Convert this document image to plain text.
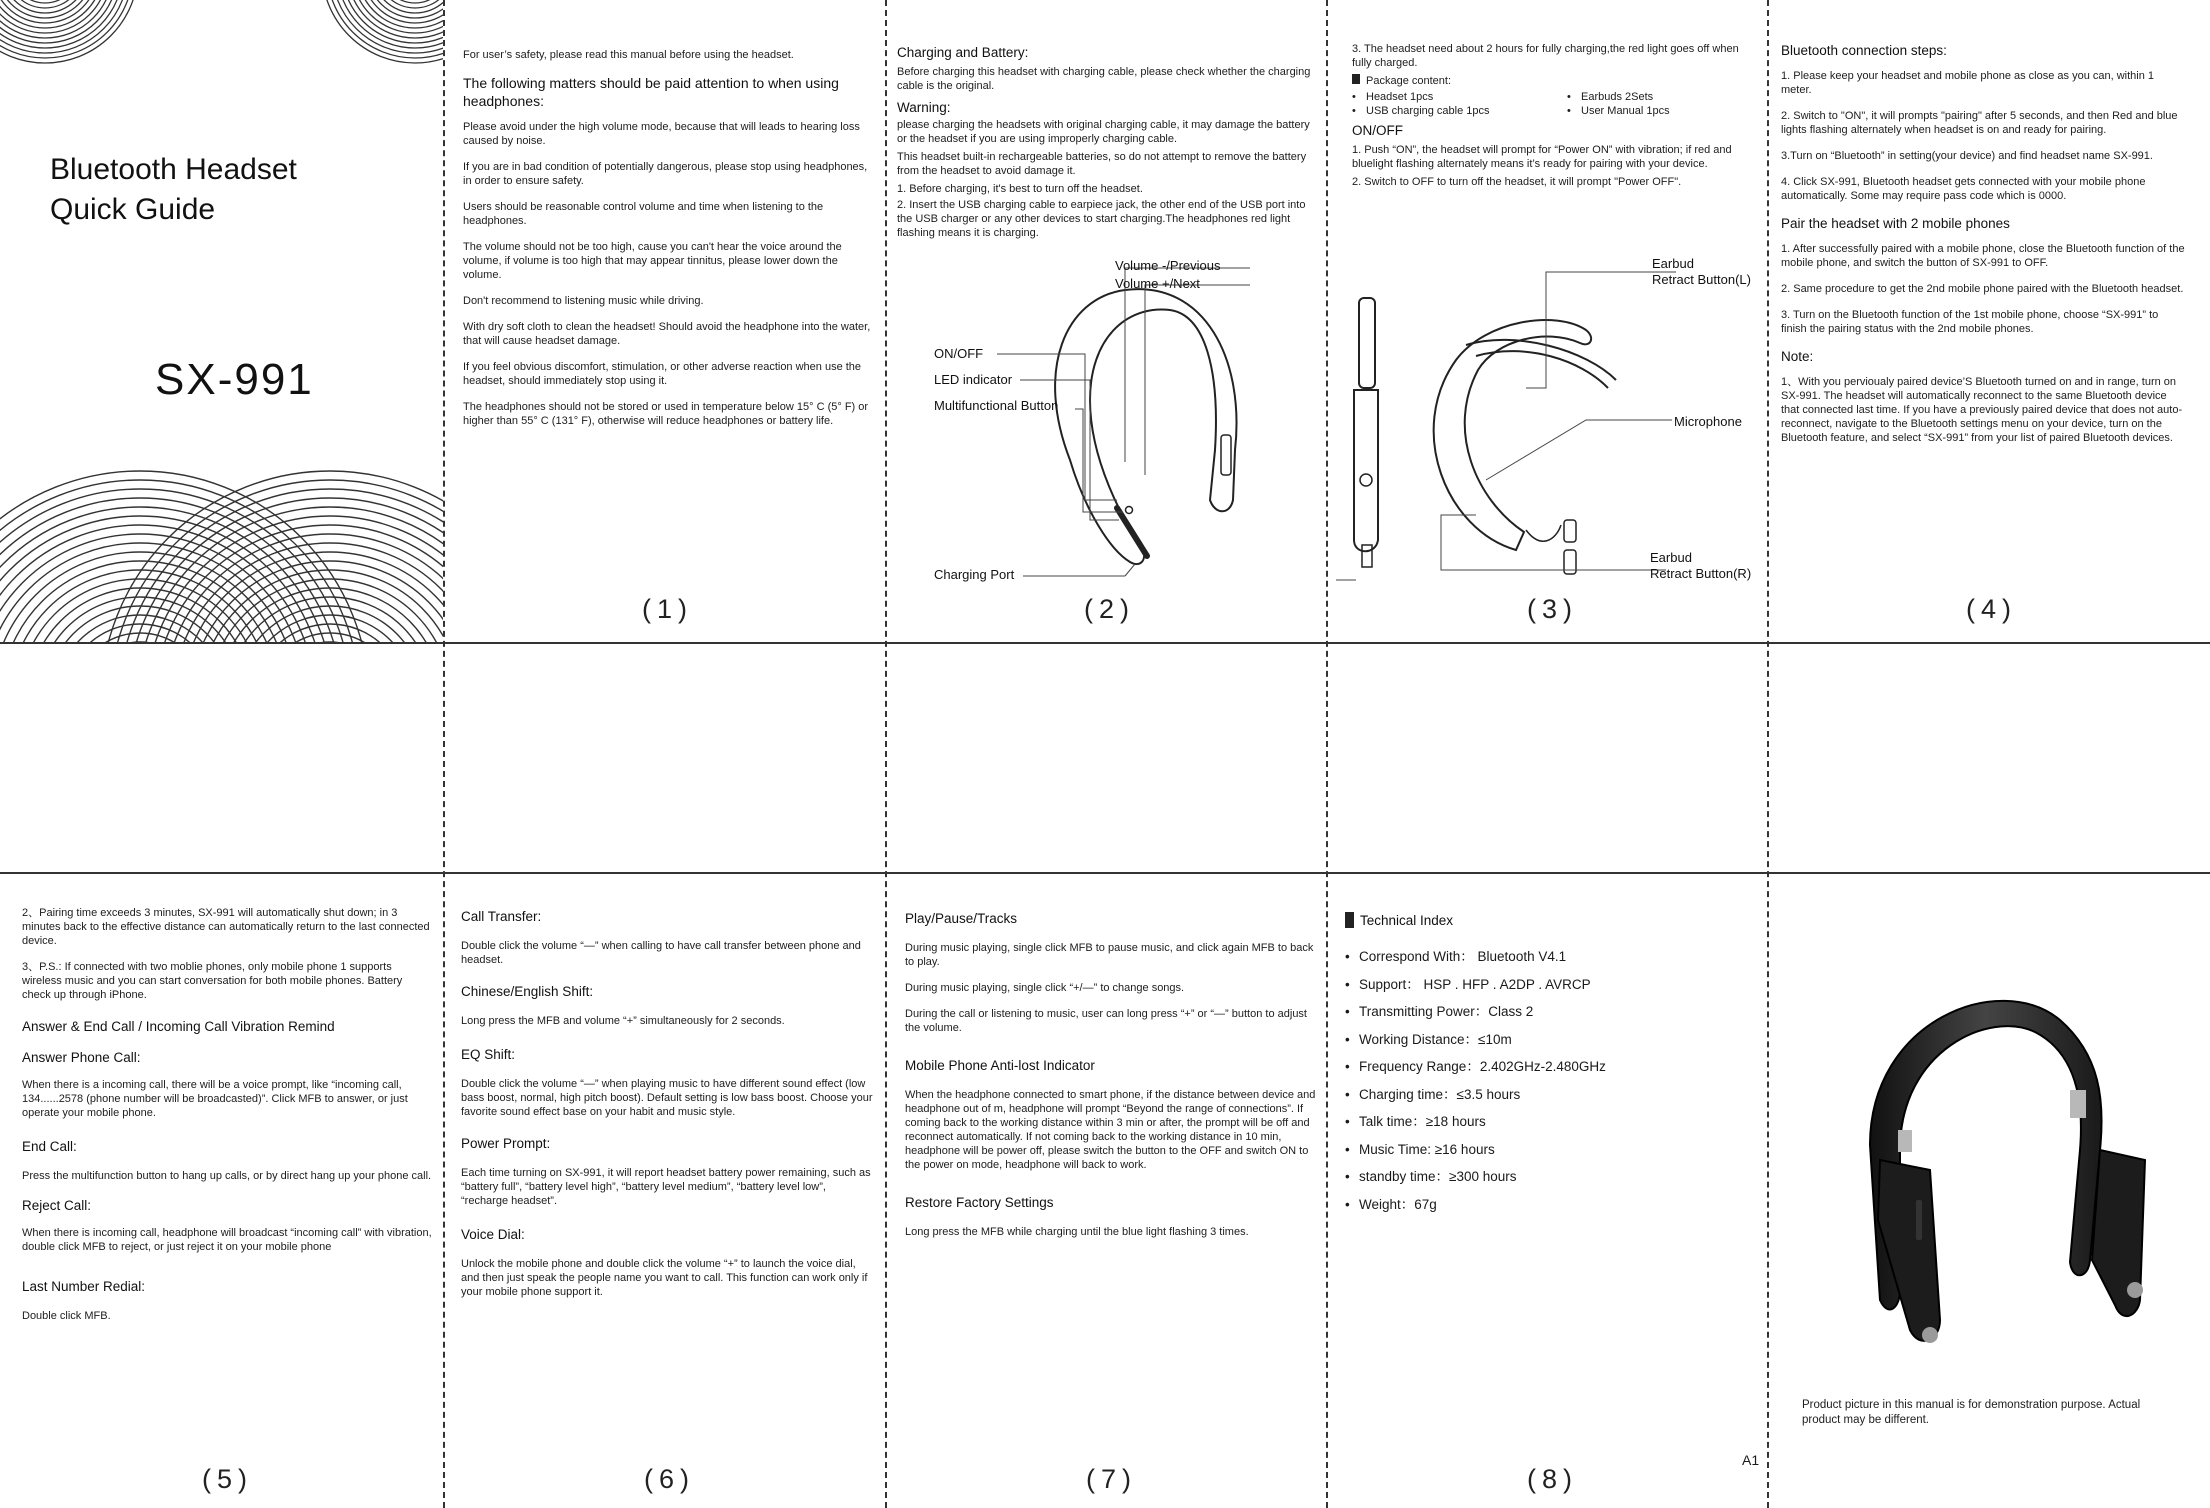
Bluetooth Headset
Quick Guide
SX-991
For user’s safety, please read this manual before using the headset.
The following matters should be paid attention to when using headphones:

Please avoid under the high volume mode, because that will leads to hearing loss caused by noise.

If you are in bad condition of potentially dangerous, please stop using headphones, in order to ensure safety.

Users should be reasonable control volume and time when listening to the headphones.

The volume should not be too high, cause you can't hear the voice around the volume, if volume is too high that may appear tinnitus, please lower down the volume.

Don't recommend to listening music while driving.

With dry soft cloth to clean the headset! Should avoid the headphone into the water, that will cause headset damage.

If you feel obvious discomfort, stimulation, or other adverse reaction when use the headset, should immediately stop using it.

The headphones should not be stored or used in temperature below 15° C (5° F) or higher than 55° C (131° F), otherwise will reduce headphones or battery life.

(1)
Charging and Battery:
Before charging this headset with charging cable, please check whether the charging cable is the original.
Warning:
please charging the headsets with original charging cable, it may damage the battery or the headset if you are using improperly charging cable.
This headset built-in rechargeable batteries, so do not attempt to remove the battery from the headset to avoid damage it.
1. Before charging, it's best to turn off the headset.
2. Insert the USB charging cable to earpiece jack, the other end of the USB port into the USB charger or any other devices to start charging.The headphones red light flashing means it is charging.
Volume -/Previous
Volume +/Next
ON/OFF
LED indicator
Multifunctional Button
Charging Port
(2)
3. The headset need about 2 hours for fully charging,the red light goes off when fully charged.
Package content:
• Headset 1pcs	• Earbuds 2Sets
• USB charging cable 1pcs	• User Manual 1pcs
ON/OFF
1. Push “ON”, the headset will prompt for “Power ON” with vibration; if red and bluelight flashing alternately means it’s ready for pairing with your device.
2. Switch to OFF to turn off the headset, it will prompt "Power OFF".
Earbud
Retract Button(L)
Microphone
Earbud
Retract Button(R)
(3)
Bluetooth connection steps:

1. Please keep your headset and mobile phone as close as you can, within 1 meter.

2. Switch to "ON", it will prompts "pairing" after 5 seconds, and then Red and blue lights flashing alternately when headset is on and ready for pairing.

3.Turn on “Bluetooth” in setting(your device) and find headset name SX-991.

4. Click SX-991, Bluetooth headset gets connected with your mobile phone automatically. Some may require pass code which is 0000.

Pair the headset with 2 mobile phones

1. After successfully paired with a mobile phone, close the Bluetooth function of the mobile phone, and switch the button of SX-991 to OFF.

2. Same procedure to get the 2nd mobile phone paired with the Bluetooth headset.

3. Turn on the Bluetooth function of the 1st mobile phone, choose “SX-991” to finish the pairing status with the 2nd mobile phones.

Note:
1、With you pervioualy paired device’S Bluetooth turned on and in range, turn on SX-991. The headset will automatically reconnect to the same Bluetooth device that connected last time. If you have a previously paired device that does not auto-reconnect, navigate to the Bluetooth settings menu on your device, turn on the Bluetooth feature, and select “SX-991” from your list of paired Bluetooth devices.
(4)
2、Pairing time exceeds 3 minutes, SX-991 will automatically shut down; in 3 minutes back to the effective distance can automatically return to the last connected device.
3、P.S.: If connected with two moblie phones, only mobile phone 1 supports wireless music and you can start conversation for both mobile phones. Battery check up through iPhone.
Answer & End Call / Incoming Call Vibration Remind
Answer Phone Call:
When there is a incoming call, there will be a voice prompt, like “incoming call, 134......2578 (phone number will be broadcasted)”. Click MFB to answer, or just operate your mobile phone.
End Call:
Press the multifunction button to hang up calls, or by direct hang up your phone call.
Reject Call:
When there is incoming call, headphone will broadcast “incoming call” with vibration, double click MFB to reject, or just reject it on your mobile phone
Last Number Redial:
Double click MFB.
(5)
Call Transfer:
Double click the volume “—” when calling to have call transfer between phone and headset.
Chinese/English Shift:
Long press the MFB and volume “+” simultaneously for 2 seconds.
EQ Shift:
Double click the volume “—” when playing music to have different sound effect (low bass boost, normal, high pitch boost). Default setting is low bass boost. Choose your favorite sound effect base on your habit and music style.
Power Prompt:
Each time turning on SX-991, it will report headset battery power remaining, such as “battery full”, “battery level high”, “battery level medium”, “battery level low”, “recharge headset”.
Voice Dial:
Unlock the mobile phone and double click the volume “+” to launch the voice dial, and then just speak the people name you want to call. This function can work only if your mobile phone support it.
(6)
Play/Pause/Tracks
During music playing, single click MFB to pause music, and click again MFB to back to play.
During music playing, single click “+/—” to change songs.
During the call or listening to music, user can long press “+” or “—” button to adjust the volume.
Mobile Phone Anti-lost Indicator
When the headphone connected to smart phone, if the distance between device and headphone out of m, headphone will prompt “Beyond the range of connections”. If coming back to the working distance within 3 min or after, the prompt will be off and reconnect automatically. If not coming back to the working distance in 10 min, headphone will be power off, please switch the button to the OFF and switch ON to the power on mode, headphone will back to work.
Restore Factory Settings
Long press the MFB while charging until the blue light flashing 3 times.
(7)
Technical Index
• Correspond With： Bluetooth V4.1
• Support： HSP . HFP . A2DP . AVRCP
• Transmitting Power：Class 2
• Working Distance：≤10m
• Frequency Range：2.402GHz-2.480GHz
• Charging time：≤3.5 hours
• Talk time：≥18 hours
• Music Time: ≥16 hours
• standby time：≥300 hours
• Weight：67g
A1
(8)
Product picture in this manual is for demonstration purpose. Actual product may be different.
